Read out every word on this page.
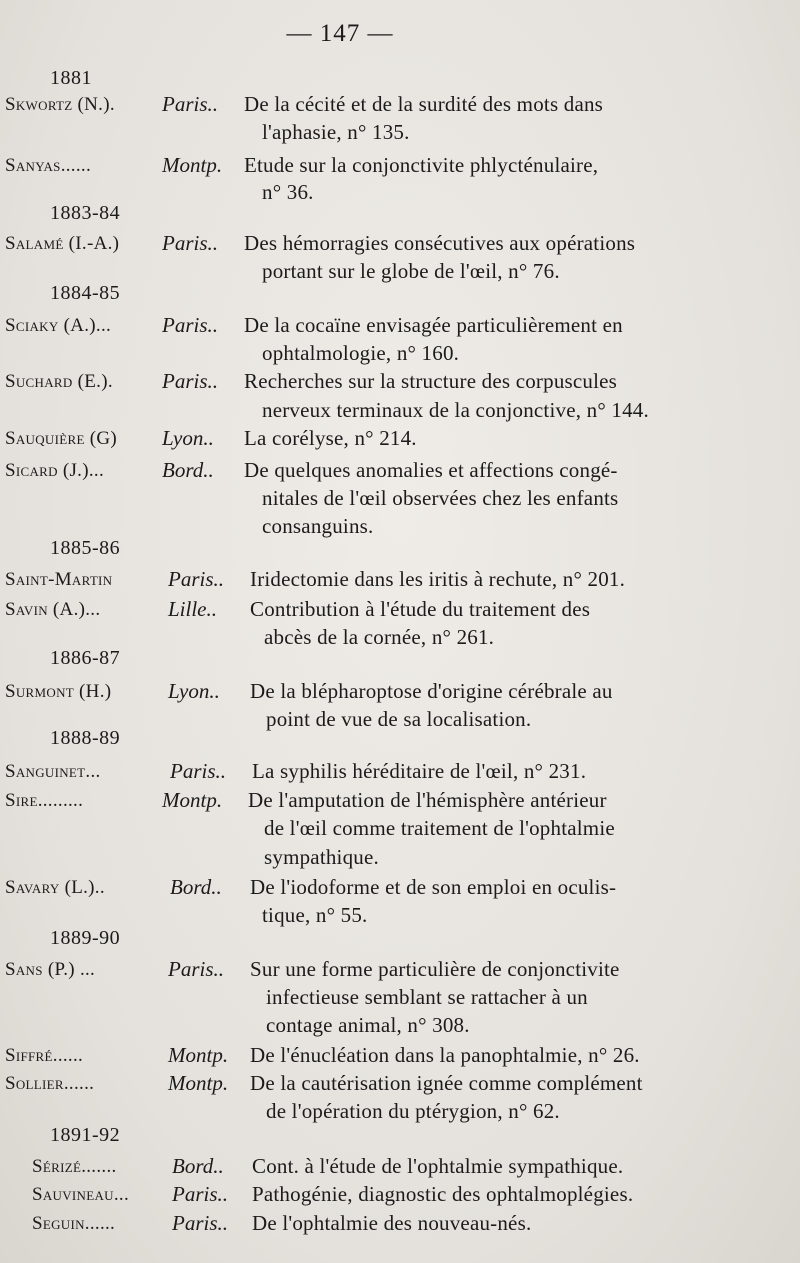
— 147 —
1881
1883-84
1884-85
1885-86
1886-87
1888-89
1889-90
1891-92
Skwortz (N.). Paris.. De la cécité et de la surdité des mots dans
l'aphasie, n° 135.
Sanyas......	Montp. Etude sur la conjonctivite phlycténulaire,
n° 36.
Salamé (I.-A.) Paris.. Des hémorragies consécutives aux opérations
portant sur le globe de l'œil, n° 76.
Sciaky (A.)... Paris.. De la cocaïne envisagée particulièrement en
ophtalmologie, n° 160.
Suchard (E.). Paris.. Recherches sur la structure des corpuscules
nerveux terminaux de la conjonctive, n° 144.
Sauquière (G) Lyon.. La corélyse, n° 214.
Sicard (J.)...	Bord.. De quelques anomalies et affections congé-
nitales de l'œil observées chez les enfants
consanguins.
Saint-Martin	Paris.. Iridectomie dans les iritis à rechute, n° 201.
Savin (A.)...	Lille.. Contribution à l'étude du traitement des
abcès de la cornée, n° 261.
Surmont (H.)	Lyon.. De la blépharoptose d'origine cérébrale au
point de vue de sa localisation.
Sanguinet...	Paris.. La syphilis héréditaire de l'œil, n° 231.
Sire.........	Montp. De l'amputation de l'hémisphère antérieur
de l'œil comme traitement de l'ophtalmie
sympathique.
Savary (L.)..	Bord.. De l'iodoforme et de son emploi en oculis-
tique, n° 55.
Sans (P.) ...	Paris.. Sur une forme particulière de conjonctivite
infectieuse semblant se rattacher à un
contage animal, n° 308.
Siffré......	Montp. De l'énucléation dans la panophtalmie, n° 26.
Sollier......	Montp. De la cautérisation ignée comme complément
de l'opération du ptérygion, n° 62.
Sérizé.......	Bord.. Cont. à l'étude de l'ophtalmie sympathique.
Sauvineau... Paris.. Pathogénie, diagnostic des ophtalmoplégies.
Seguin......	Paris.. De l'ophtalmie des nouveau-nés.
